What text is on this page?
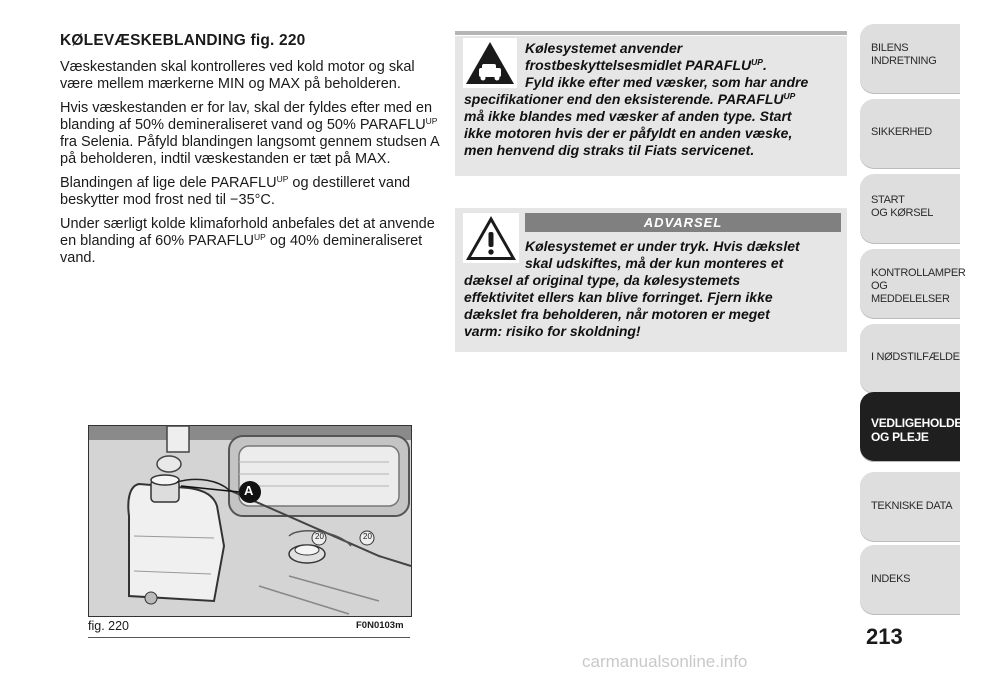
KØLEVÆSKEBLANDING fig. 220

Væskestanden skal kontrolleres ved kold motor og skal være mellem mærkerne MIN og MAX på beholderen.

Hvis væskestanden er for lav, skal der fyldes efter med en blanding af 50% demineraliseret vand og 50% $PARAFLU^{UP}$ fra Selenia. Påfyld blandingen langsomt gennem studsen A på beholderen, indtil væskestanden er tæt på MAX.

Blandingen af lige dele $PARAFLU^{UP}$ og destilleret vand beskytter mod frost ned til −35°C.

Under særligt kolde klimaforhold anbefales det at anvende en blanding af 60% $PARAFLU^{UP}$ og 40% demineraliseret vand.

20	20
A
fig. 220	F0N0103m
Kølesystemet anvender
frostbeskyttelsesmidlet $PARAFLU^{UP}$.
Fyld ikke efter med væsker, som har andre
specifikationer end den eksisterende. $PARAFLU^{UP}$
må ikke blandes med væsker af anden type. Start
ikke motoren hvis der er påfyldt en anden væske,
men henvend dig straks til Fiats servicenet.
ADVARSEL
Kølesystemet er under tryk. Hvis dækslet
skal udskiftes, må der kun monteres et
dæksel af original type, da kølesystemets
effektivitet ellers kan blive forringet. Fjern ikke
dækslet fra beholderen, når motoren er meget
varm: risiko for skoldning!
BILENS
INDRETNING
SIKKERHED
START
OG KØRSEL
KONTROLLAMPER
OG MEDDELELSER
I NØDSTILFÆLDE
VEDLIGEHOLDELSE
OG PLEJE
TEKNISKE DATA
INDEKS
213
carmanualsonline.info
